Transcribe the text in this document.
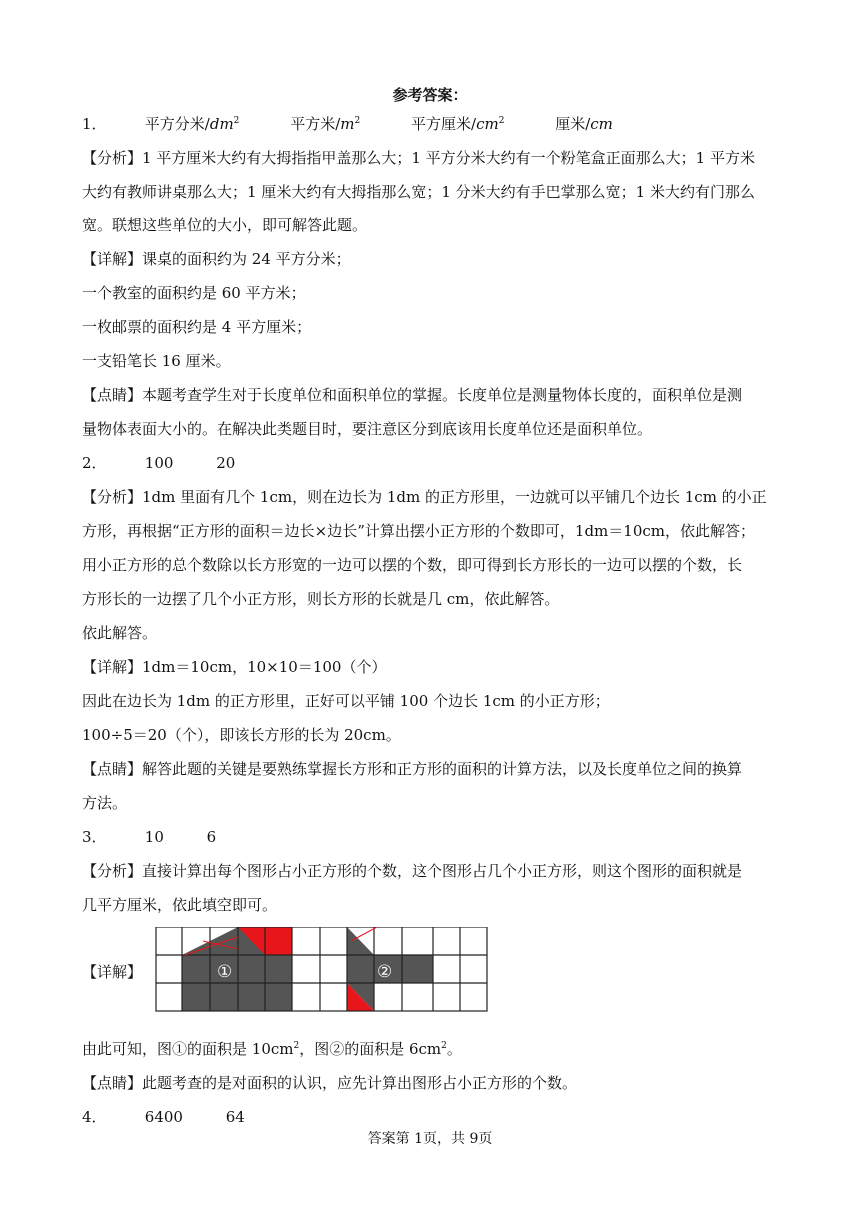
参考答案：
1．	平方分米$/dm^2$	平方米$/m^2$	平方厘米$/cm^2$	厘米/cm
【分析】1 平方厘米大约有大拇指指甲盖那么大；1 平方分米大约有一个粉笔盒正面那么大；1 平方米
大约有教师讲桌那么大；1 厘米大约有大拇指那么宽；1 分米大约有手巴掌那么宽；1 米大约有门那么
宽。联想这些单位的大小，即可解答此题。
【详解】课桌的面积约为 24 平方分米；
一个教室的面积约是 60 平方米；
一枚邮票的面积约是 4 平方厘米；
一支铅笔长 16 厘米。
【点睛】本题考查学生对于长度单位和面积单位的掌握。长度单位是测量物体长度的，面积单位是测
量物体表面大小的。在解决此类题目时，要注意区分到底该用长度单位还是面积单位。
2．	100	20
【分析】1dm 里面有几个 1cm，则在边长为 1dm 的正方形里，一边就可以平铺几个边长 1cm 的小正
方形，再根据“正方形的面积＝边长×边长”计算出摆小正方形的个数即可，1dm＝10cm，依此解答；
用小正方形的总个数除以长方形宽的一边可以摆的个数，即可得到长方形长的一边可以摆的个数，长
方形长的一边摆了几个小正方形，则长方形的长就是几 cm，依此解答。
依此解答。
【详解】1dm＝10cm，10×10＝100（个）
因此在边长为 1dm 的正方形里，正好可以平铺 100 个边长 1cm 的小正方形；
100÷5＝20（个），即该长方形的长为 20cm。
【点睛】解答此题的关键是要熟练掌握长方形和正方形的面积的计算方法，以及长度单位之间的换算
方法。
3．	10	6
【分析】直接计算出每个图形占小正方形的个数，这个图形占几个小正方形，则这个图形的面积就是
几平方厘米，依此填空即可。
【详解】	①	②
由此可知，图①的面积是 $10cm^2$，图②的面积是 $6cm^2$。
【点睛】此题考查的是对面积的认识，应先计算出图形占小正方形的个数。
4．	6400	64
答案第 1页，共 9页
